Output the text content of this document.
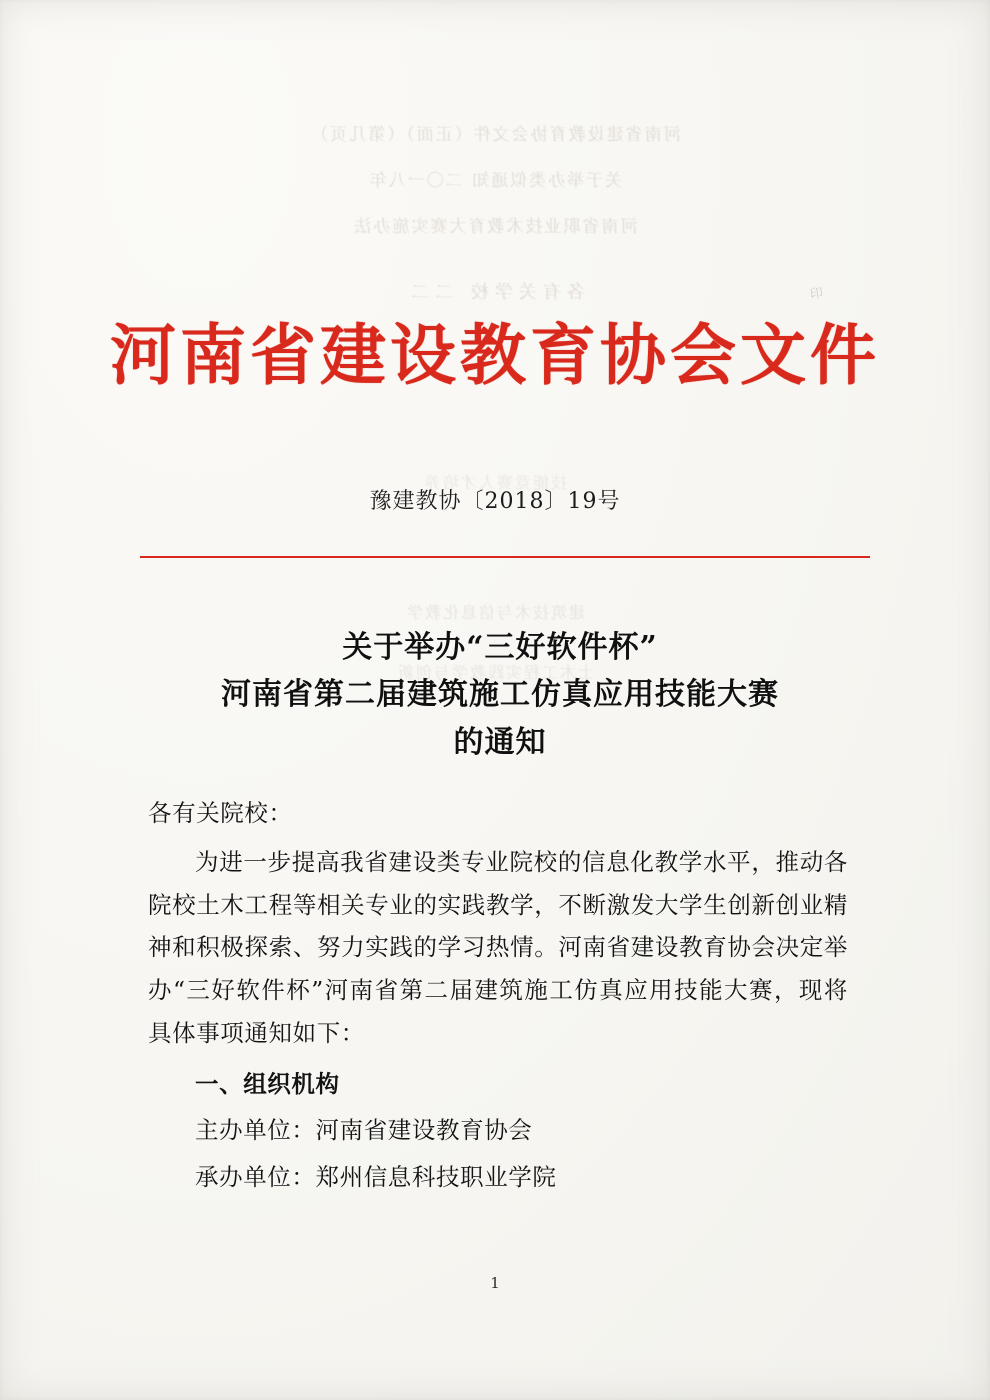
河南省建设教育协会文件（正面）（第几页）
关于举办类似通知 二〇一八年
河南省职业技术教育大赛实施办法
各有关学校 二二
技能竞赛人才培养
建筑技术与信息化教学
土木工程实践教学与创新
印
河南省建设教育协会文件
豫建教协〔2018〕19号
关于举办“三好软件杯”
河南省第二届建筑施工仿真应用技能大赛
的通知
各有关院校：
为进一步提高我省建设类专业院校的信息化教学水平，推动各院校土木工程等相关专业的实践教学，不断激发大学生创新创业精神和积极探索、努力实践的学习热情。河南省建设教育协会决定举办“三好软件杯”河南省第二届建筑施工仿真应用技能大赛，现将具体事项通知如下：
一、组织机构
主办单位：河南省建设教育协会
承办单位：郑州信息科技职业学院
1
